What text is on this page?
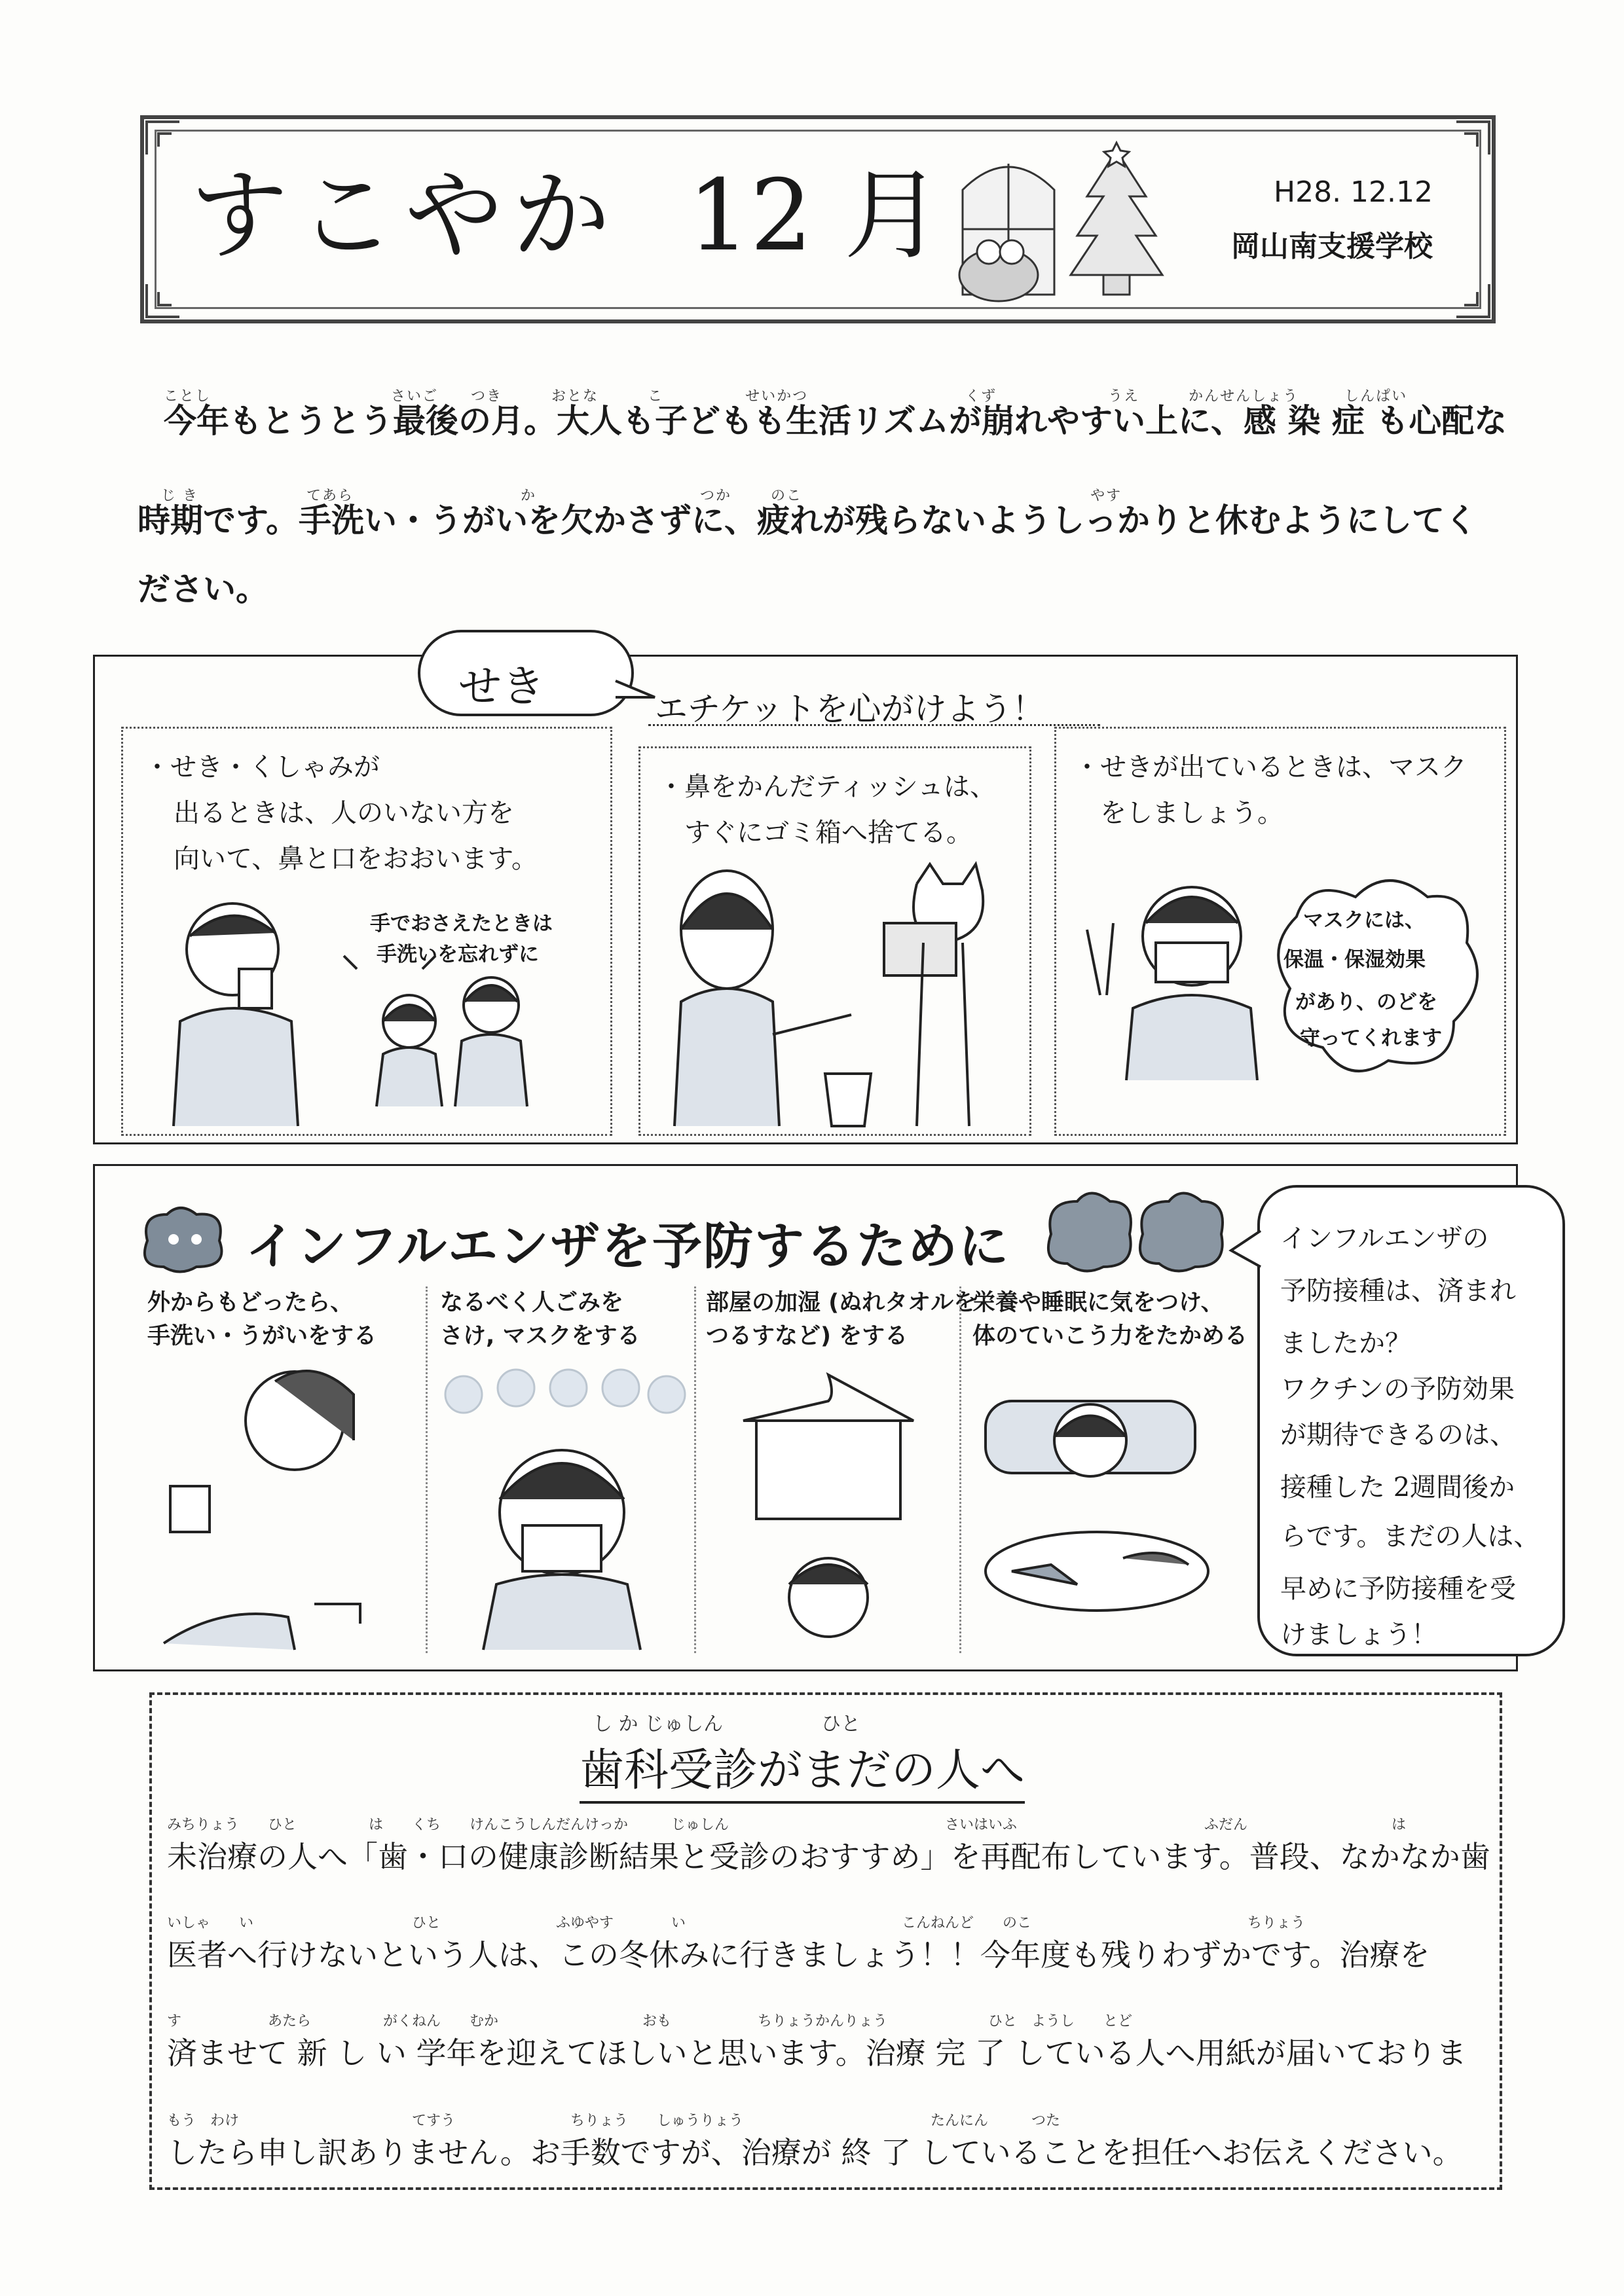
すこやか 12 月	H28. 12.12
岡山南支援学校
ことし	さいご つき	おとな	こ	せいかつ	くず	うえ	かんせんしょう	しんぱい
今年もとうとう最後の月。大人も子どもも生活リズムが崩れやすい上に、感 染 症 も心配な
じ き	てあら	か	つか	のこ	やす
時期です。手洗い・うがいを欠かさずに、疲れが残らないようしっかりと休むようにしてく
ださい。
せき	エチケットを心がけよう！
・せき・くしゃみが
出るときは、人のいない方を
向いて、鼻と口をおおいます。
手でおさえたときは
手洗いを忘れずに
・鼻をかんだティッシュは、
すぐにゴミ箱へ捨てる。
・せきが出ているときは、マスク
をしましょう。
マスクには、
保温・保湿効果
があり、のどを
守ってくれます
インフルエンザを予防するために
外からもどったら、
手洗い・うがいをする
なるべく人ごみを
さけ, マスクをする
部屋の加湿 (ぬれタオルを
つるすなど) をする
栄養や睡眠に気をつけ、
体のていこう力をたかめる
インフルエンザの
予防接種は、済まれ
ましたか？
ワクチンの予防効果
が期待できるのは、
接種した 2週間後か
らです。まだの人は、
早めに予防接種を受
けましょう！
し か じゅしん　　　　　ひと
歯科受診がまだの人へ
みちりょう　　ひと　　　　　は　　くち　　けんこうしんだんけっか　　　じゅしん　　　　　　　　　　　　　　　さいはいふ　　　　　　　　　　　　　ふだん　　　　　　　　　　は
未治療の人へ「歯・口の健康診断結果と受診のおすすめ」を再配布しています。普段、なかなか歯
いしゃ　　い　　　　　　　　　　　ひと　　　　　　　　ふゆやす　　　　い　　　　　　　　　　　　　　　こんねんど　　のこ　　　　　　　　　　　　　　　ちりょう
医者へ行けないという人は、この冬休みに行きましょう！！今年度も残りわずかです。治療を
す　　　　　　あたら　　　　　がくねん　　むか　　　　　　　　　　おも　　　　　　ちりょうかんりょう　　　　　　　ひと　ようし　　とど
済ませて 新 し い 学年を迎えてほしいと思います。治療 完 了 している人へ用紙が届いておりま
もう　わけ　　　　　　　　　　　　てすう　　　　　　　　ちりょう　　しゅうりょう　　　　　　　　　　　　　たんにん　　　つた
したら申し訳ありません。お手数ですが、治療が 終 了 していることを担任へお伝えください。
